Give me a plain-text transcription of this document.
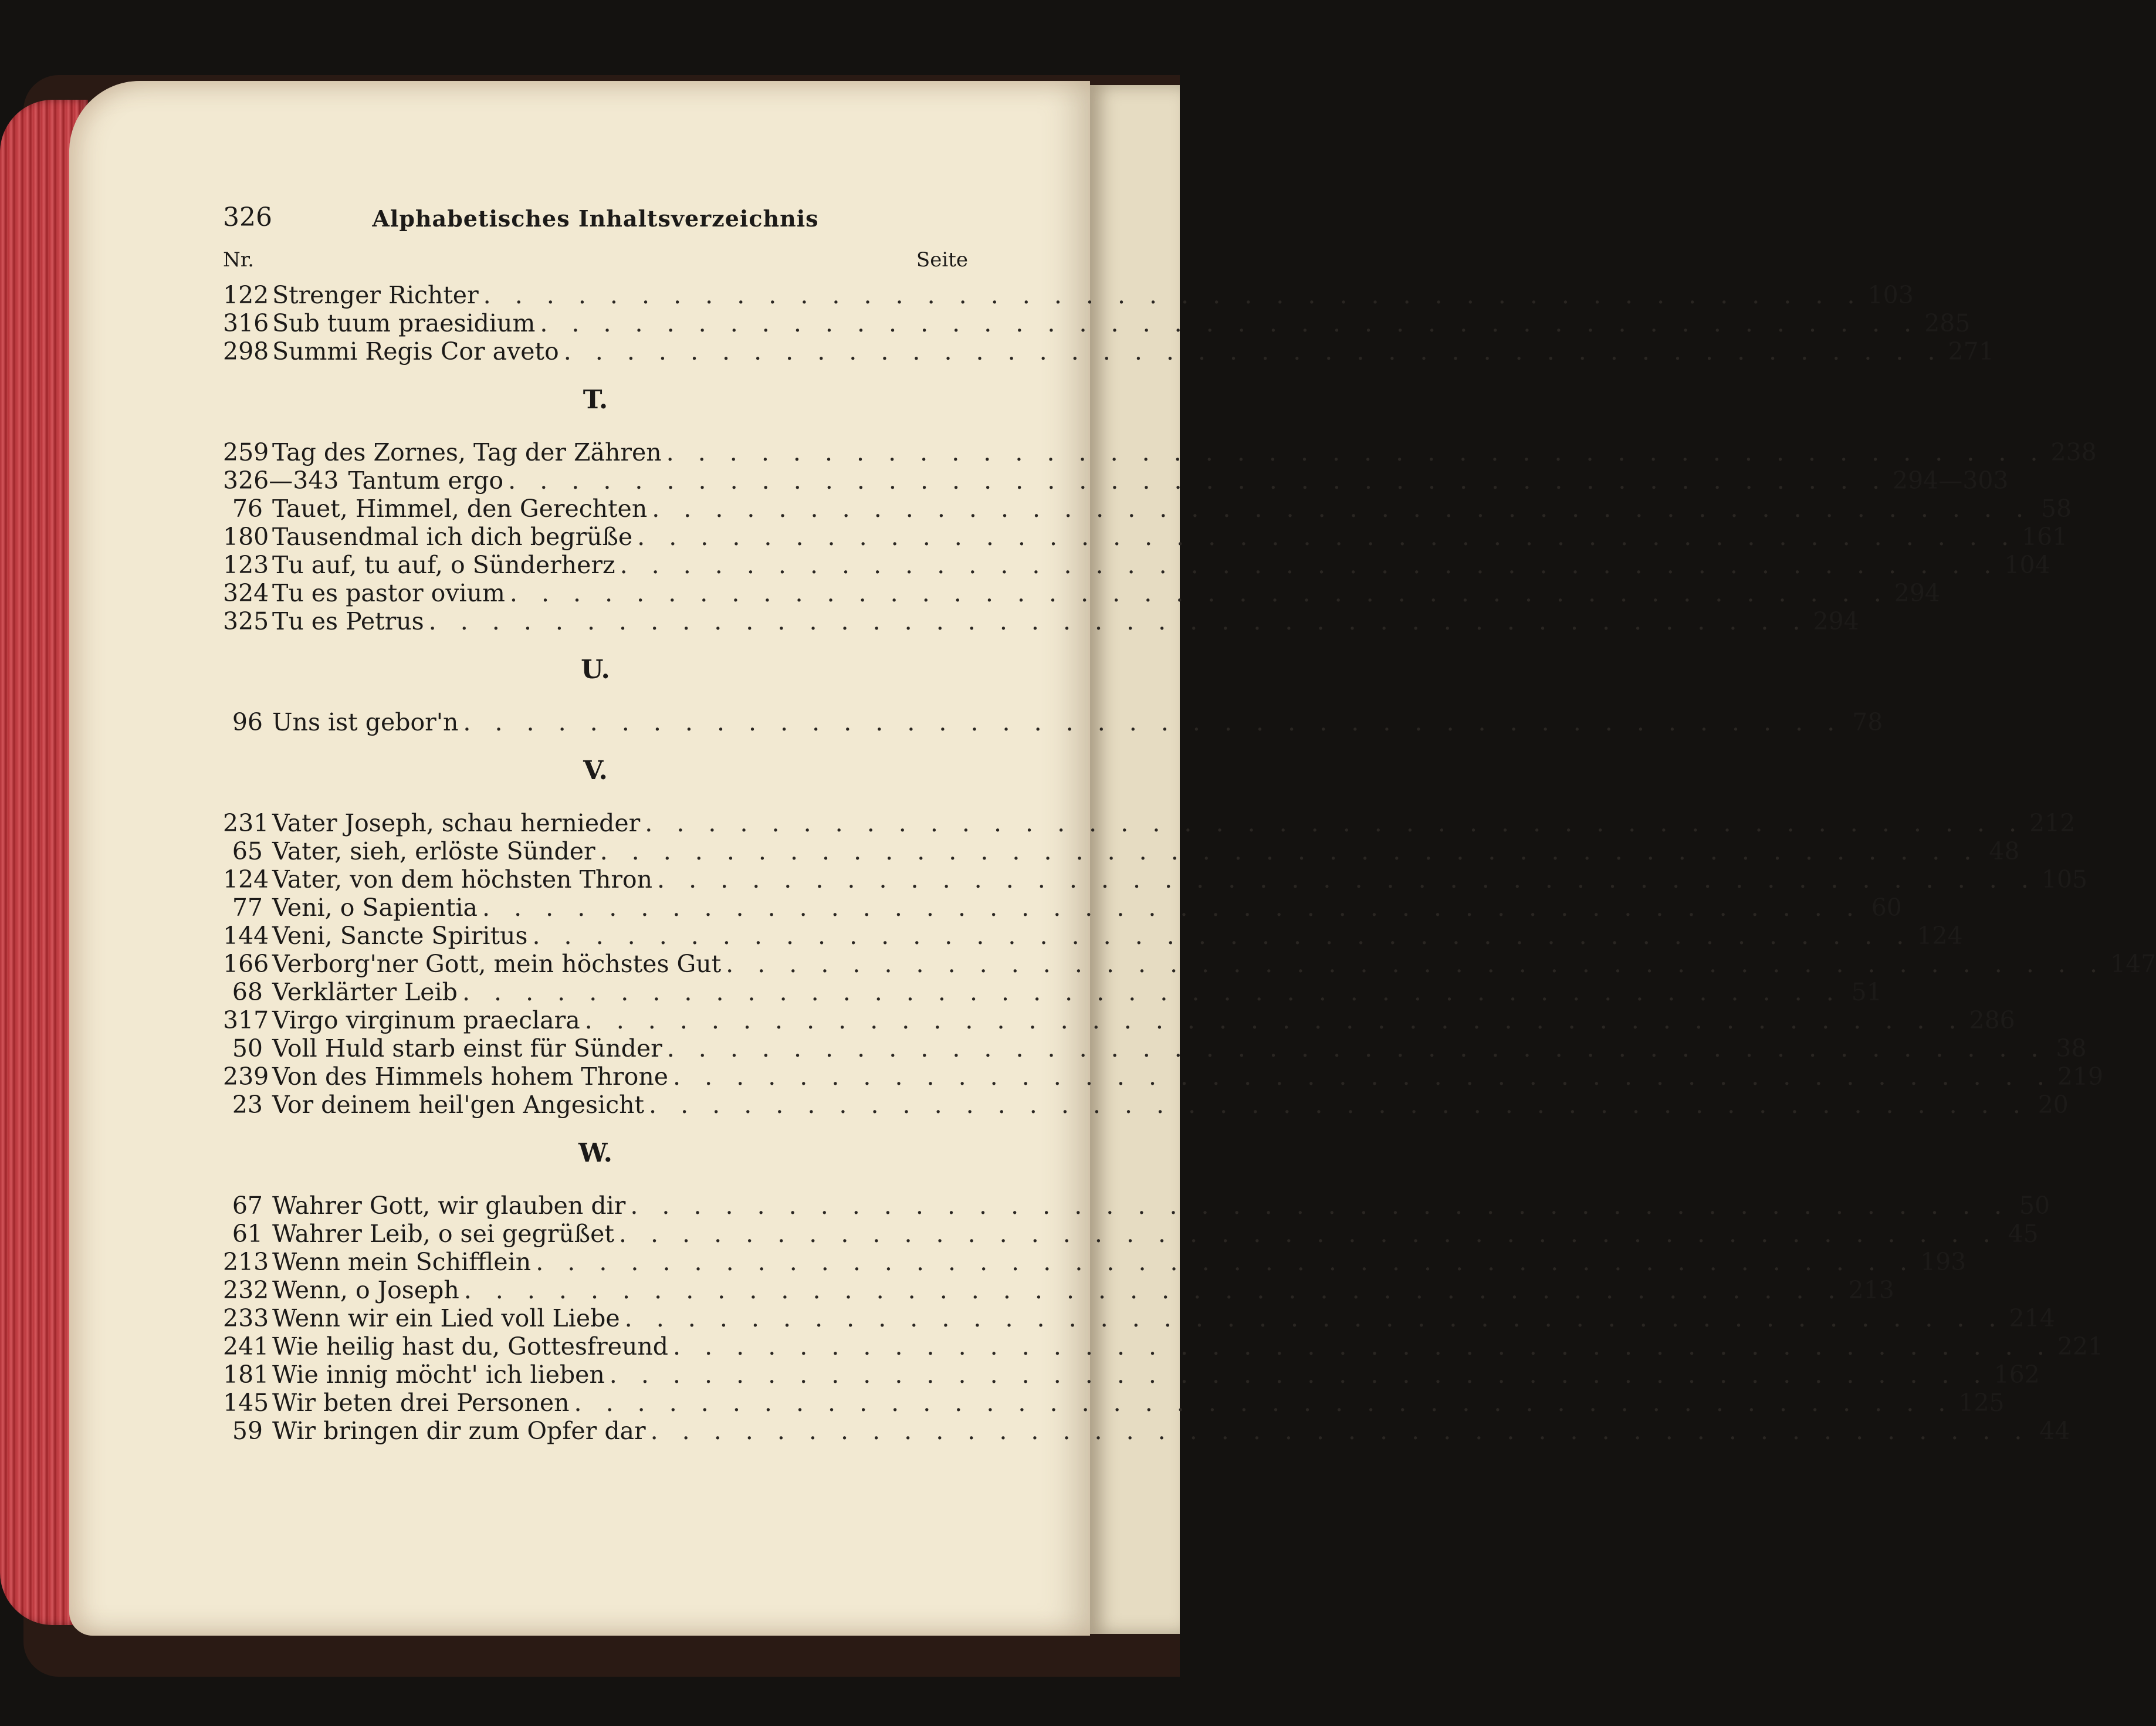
326	Alphabetisches Inhaltsverzeichnis
Nr.	Seite
122 Strenger Richter . . . . . . . . . . . . . . . . . . . . . . . . . . . . . . . . . . . . . . . . . . . . 103
316 Sub tuum praesidium . . . . . . . . . . . . . . . . . . . . . . . . . . . . . . . . . . . . . . . . . . . . 285
298 Summi Regis Cor aveto . . . . . . . . . . . . . . . . . . . . . . . . . . . . . . . . . . . . . . . . . . . . 271
T.
259 Tag des Zornes, Tag der Zähren . . . . . . . . . . . . . . . . . . . . . . . . . . . . . . . . . . . . . . . . . . . . 238
326—343 Tantum ergo . . . . . . . . . . . . . . . . . . . . . . . . . . . . . . . . . . . . . . . . . . . . 294—303
76 Tauet, Himmel, den Gerechten . . . . . . . . . . . . . . . . . . . . . . . . . . . . . . . . . . . . . . . . . . . . 58
180 Tausendmal ich dich begrüße . . . . . . . . . . . . . . . . . . . . . . . . . . . . . . . . . . . . . . . . . . . . 161
123 Tu auf, tu auf, o Sünderherz . . . . . . . . . . . . . . . . . . . . . . . . . . . . . . . . . . . . . . . . . . . . 104
324 Tu es pastor ovium . . . . . . . . . . . . . . . . . . . . . . . . . . . . . . . . . . . . . . . . . . . . 294
325 Tu es Petrus . . . . . . . . . . . . . . . . . . . . . . . . . . . . . . . . . . . . . . . . . . . . 294
U.
96 Uns ist gebor'n . . . . . . . . . . . . . . . . . . . . . . . . . . . . . . . . . . . . . . . . . . . . 78
V.
231 Vater Joseph, schau hernieder . . . . . . . . . . . . . . . . . . . . . . . . . . . . . . . . . . . . . . . . . . . . 212
65 Vater, sieh, erlöste Sünder . . . . . . . . . . . . . . . . . . . . . . . . . . . . . . . . . . . . . . . . . . . . 48
124 Vater, von dem höchsten Thron . . . . . . . . . . . . . . . . . . . . . . . . . . . . . . . . . . . . . . . . . . . . 105
77 Veni, o Sapientia . . . . . . . . . . . . . . . . . . . . . . . . . . . . . . . . . . . . . . . . . . . . 60
144 Veni, Sancte Spiritus . . . . . . . . . . . . . . . . . . . . . . . . . . . . . . . . . . . . . . . . . . . . 124
166 Verborg'ner Gott, mein höchstes Gut . . . . . . . . . . . . . . . . . . . . . . . . . . . . . . . . . . . . . . . . . . . . 147
68 Verklärter Leib . . . . . . . . . . . . . . . . . . . . . . . . . . . . . . . . . . . . . . . . . . . . 51
317 Virgo virginum praeclara . . . . . . . . . . . . . . . . . . . . . . . . . . . . . . . . . . . . . . . . . . . . 286
50 Voll Huld starb einst für Sünder . . . . . . . . . . . . . . . . . . . . . . . . . . . . . . . . . . . . . . . . . . . . 38
239 Von des Himmels hohem Throne . . . . . . . . . . . . . . . . . . . . . . . . . . . . . . . . . . . . . . . . . . . . 219
23 Vor deinem heil'gen Angesicht . . . . . . . . . . . . . . . . . . . . . . . . . . . . . . . . . . . . . . . . . . . . 20
W.
67 Wahrer Gott, wir glauben dir . . . . . . . . . . . . . . . . . . . . . . . . . . . . . . . . . . . . . . . . . . . . 50
61 Wahrer Leib, o sei gegrüßet . . . . . . . . . . . . . . . . . . . . . . . . . . . . . . . . . . . . . . . . . . . . 45
213 Wenn mein Schifflein . . . . . . . . . . . . . . . . . . . . . . . . . . . . . . . . . . . . . . . . . . . . 193
232 Wenn, o Joseph . . . . . . . . . . . . . . . . . . . . . . . . . . . . . . . . . . . . . . . . . . . . 213
233 Wenn wir ein Lied voll Liebe . . . . . . . . . . . . . . . . . . . . . . . . . . . . . . . . . . . . . . . . . . . . 214
241 Wie heilig hast du, Gottesfreund . . . . . . . . . . . . . . . . . . . . . . . . . . . . . . . . . . . . . . . . . . . . 221
181 Wie innig möcht' ich lieben . . . . . . . . . . . . . . . . . . . . . . . . . . . . . . . . . . . . . . . . . . . . 162
145 Wir beten drei Personen . . . . . . . . . . . . . . . . . . . . . . . . . . . . . . . . . . . . . . . . . . . . 125
59 Wir bringen dir zum Opfer dar . . . . . . . . . . . . . . . . . . . . . . . . . . . . . . . . . . . . . . . . . . . . 44
